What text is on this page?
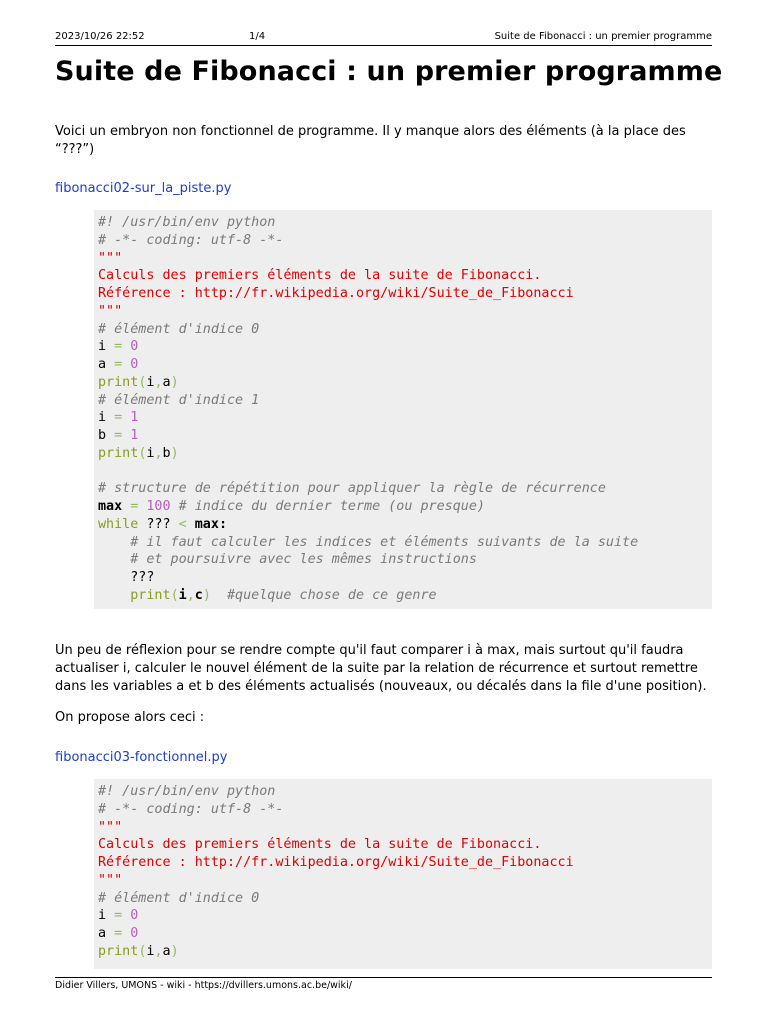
2023/10/26 22:52	1/4	Suite de Fibonacci : un premier programme
Suite de Fibonacci : un premier programme

Voici un embryon non fonctionnel de programme. Il y manque alors des éléments (à la place des “???”)

fibonacci02-sur_la_piste.py
#! /usr/bin/env python
# -*- coding: utf-8 -*-
"""
Calculs des premiers éléments de la suite de Fibonacci.
Référence : http://fr.wikipedia.org/wiki/Suite_de_Fibonacci
"""
# élément d'indice 0
i = 0
a = 0
print(i,a)
# élément d'indice 1
i = 1
b = 1
print(i,b)

# structure de répétition pour appliquer la règle de récurrence
max = 100 # indice du dernier terme (ou presque)
while ??? < max:
# il faut calculer les indices et éléments suivants de la suite
# et poursuivre avec les mêmes instructions
???
print(i,c) #quelque chose de ce genre

Un peu de réflexion pour se rendre compte qu'il faut comparer i à max, mais surtout qu'il faudra actualiser i, calculer le nouvel élément de la suite par la relation de récurrence et surtout remettre dans les variables a et b des éléments actualisés (nouveaux, ou décalés dans la file d'une position).

On propose alors ceci :

fibonacci03-fonctionnel.py
#! /usr/bin/env python
# -*- coding: utf-8 -*-
"""
Calculs des premiers éléments de la suite de Fibonacci.
Référence : http://fr.wikipedia.org/wiki/Suite_de_Fibonacci
"""
# élément d'indice 0
i = 0
a = 0
print(i,a)
Didier Villers, UMONS - wiki - https://dvillers.umons.ac.be/wiki/
